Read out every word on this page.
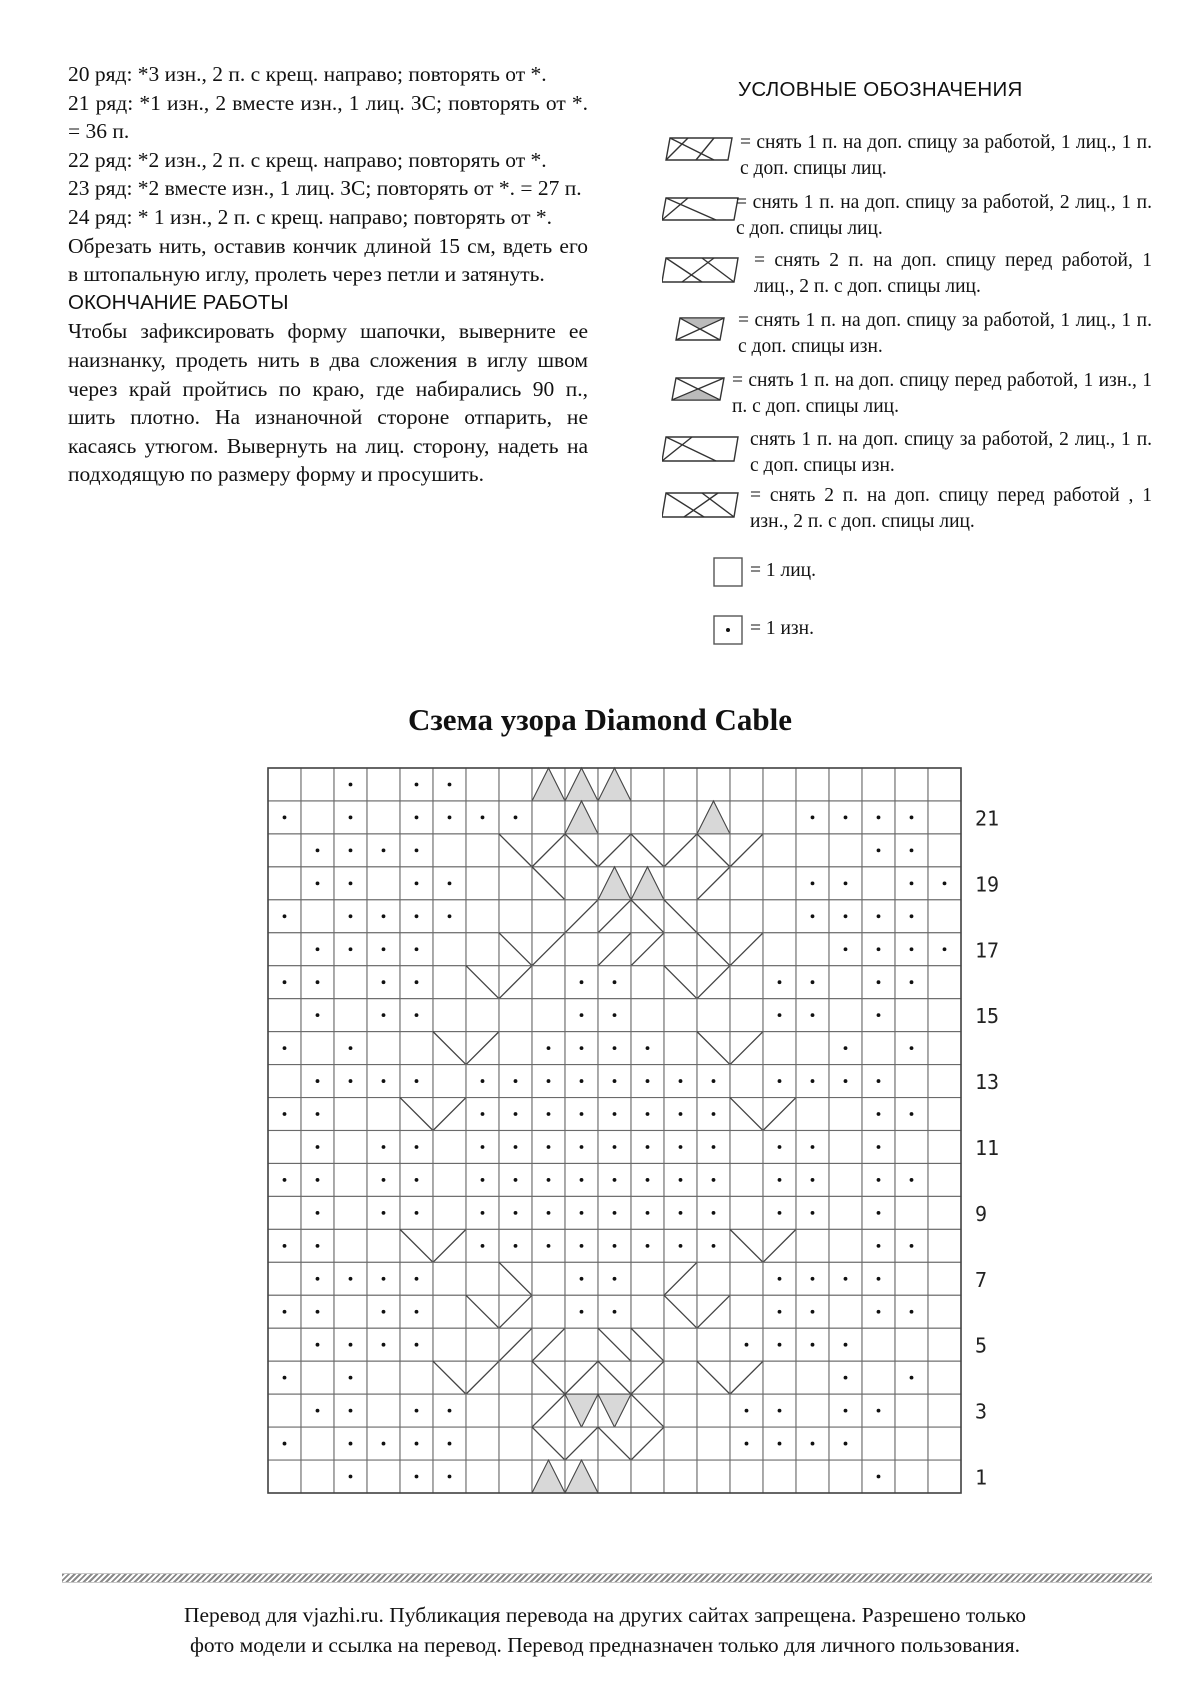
20 ряд: *3 изн., 2 п. с крещ. направо; повторять от *.

21 ряд: *1 изн., 2 вместе изн., 1 лиц. ЗС; повторять от *. = 36 п.

22 ряд: *2 изн., 2 п. с крещ. направо; повторять от *.

23 ряд: *2 вместе изн., 1 лиц. ЗС; повторять от *. = 27 п.

24 ряд: * 1 изн., 2 п. с крещ. направо; повторять от *.

Обрезать нить, оставив кончик длиной 15 см, вдеть его в штопальную иглу, пролеть через петли и затянуть.

ОКОНЧАНИЕ РАБОТЫ

Чтобы зафиксировать форму шапочки, выверните ее наизнанку, продеть нить в два сложения в иглу швом через край пройтись по краю, где набирались 90 п., шить плотно. На изнаночной стороне отпарить, не касаясь утюгом. Вывернуть на лиц. сторону, надеть на подходящую по размеру форму и просушить.

УСЛОВНЫЕ ОБОЗНАЧЕНИЯ
= снять 1 п. на доп. спицу за работой, 1 лиц., 1 п. с доп. спицы лиц.
= снять 1 п. на доп. спицу за работой, 2 лиц., 1 п. с доп. спицы лиц.
= снять 2 п. на доп. спицу перед работой, 1 лиц., 2 п. с доп. спицы лиц.
= снять 1 п. на доп. спицу за работой, 1 лиц., 1 п. с доп. спицы изн.
= снять 1 п. на доп. спицу перед работой, 1 изн., 1 п. с доп. спицы лиц.
снять 1 п. на доп. спицу за работой, 2 лиц., 1 п. с доп. спицы изн.
= снять 2 п. на доп. спицу перед работой , 1 изн., 2 п. с доп. спицы лиц.
= 1 лиц.
= 1 изн.
Сзема узора Diamond Cable
1
3
5
7
9
11
13
15
17
19
21
Перевод для vjazhi.ru. Публикация перевода на других сайтах запрещена. Разрешено только
фото модели и ссылка на перевод. Перевод предназначен только для личного пользования.
